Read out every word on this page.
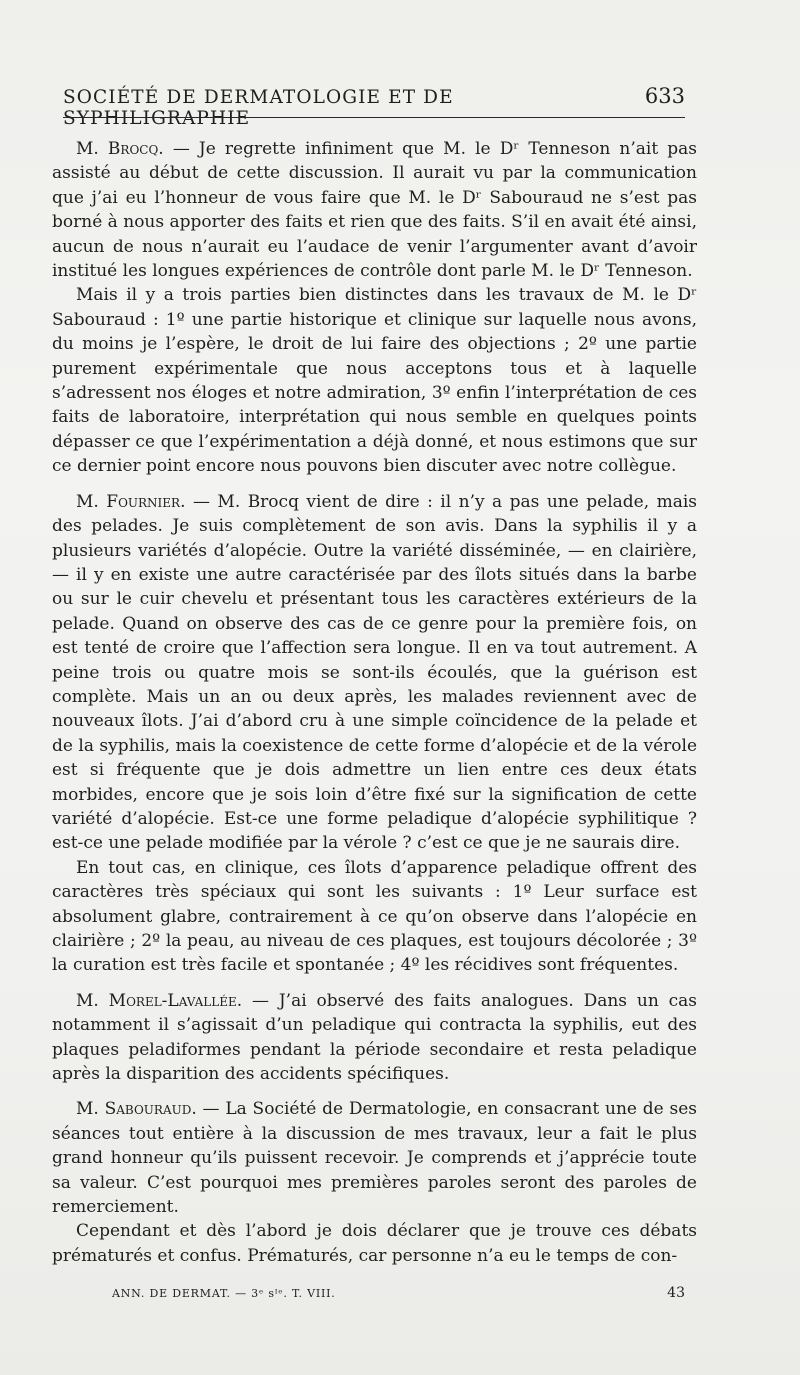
SOCIÉTÉ DE DERMATOLOGIE ET DE SYPHILIGRAPHIE
633

M. Brocq. — Je regrette infiniment que M. le Dʳ Tenneson n’ait pas assisté au début de cette discussion. Il aurait vu par la communication que j’ai eu l’honneur de vous faire que M. le Dʳ Sabouraud ne s’est pas borné à nous apporter des faits et rien que des faits. S’il en avait été ainsi, aucun de nous n’aurait eu l’audace de venir l’argumenter avant d’avoir institué les longues expériences de contrôle dont parle M. le Dʳ Tenneson.

Mais il y a trois parties bien distinctes dans les travaux de M. le Dʳ Sabouraud : 1º une partie historique et clinique sur laquelle nous avons, du moins je l’espère, le droit de lui faire des objections ; 2º une partie purement expérimentale que nous acceptons tous et à laquelle s’adressent nos éloges et notre admiration, 3º enfin l’interprétation de ces faits de laboratoire, interprétation qui nous semble en quelques points dépasser ce que l’expérimentation a déjà donné, et nous estimons que sur ce dernier point encore nous pouvons bien discuter avec notre collègue.

M. Fournier. — M. Brocq vient de dire : il n’y a pas une pelade, mais des pelades. Je suis complètement de son avis. Dans la syphilis il y a plusieurs variétés d’alopécie. Outre la variété disséminée, — en clairière, — il y en existe une autre caractérisée par des îlots situés dans la barbe ou sur le cuir chevelu et présentant tous les caractères extérieurs de la pelade. Quand on observe des cas de ce genre pour la première fois, on est tenté de croire que l’affection sera longue. Il en va tout autrement. A peine trois ou quatre mois se sont-ils écoulés, que la guérison est complète. Mais un an ou deux après, les malades reviennent avec de nouveaux îlots. J’ai d’abord cru à une simple coïncidence de la pelade et de la syphilis, mais la coexistence de cette forme d’alopécie et de la vérole est si fréquente que je dois admettre un lien entre ces deux états morbides, encore que je sois loin d’être fixé sur la signification de cette variété d’alopécie. Est-ce une forme peladique d’alopécie syphilitique ? est-ce une pelade modifiée par la vérole ? c’est ce que je ne saurais dire.

En tout cas, en clinique, ces îlots d’apparence peladique offrent des caractères très spéciaux qui sont les suivants : 1º Leur surface est absolument glabre, contrairement à ce qu’on observe dans l’alopécie en clairière ; 2º la peau, au niveau de ces plaques, est toujours décolorée ; 3º la curation est très facile et spontanée ; 4º les récidives sont fréquentes.

M. Morel-Lavallée. — J’ai observé des faits analogues. Dans un cas notamment il s’agissait d’un peladique qui contracta la syphilis, eut des plaques peladiformes pendant la période secondaire et resta peladique après la disparition des accidents spécifiques.

M. Sabouraud. — La Société de Dermatologie, en consacrant une de ses séances tout entière à la discussion de mes travaux, leur a fait le plus grand honneur qu’ils puissent recevoir. Je comprends et j’apprécie toute sa valeur. C’est pourquoi mes premières paroles seront des paroles de remerciement.

Cependant et dès l’abord je dois déclarer que je trouve ces débats prématurés et confus. Prématurés, car personne n’a eu le temps de con-

ANN. DE DERMAT. — 3ᵉ sᴵᵉ. T. VIII.	43
